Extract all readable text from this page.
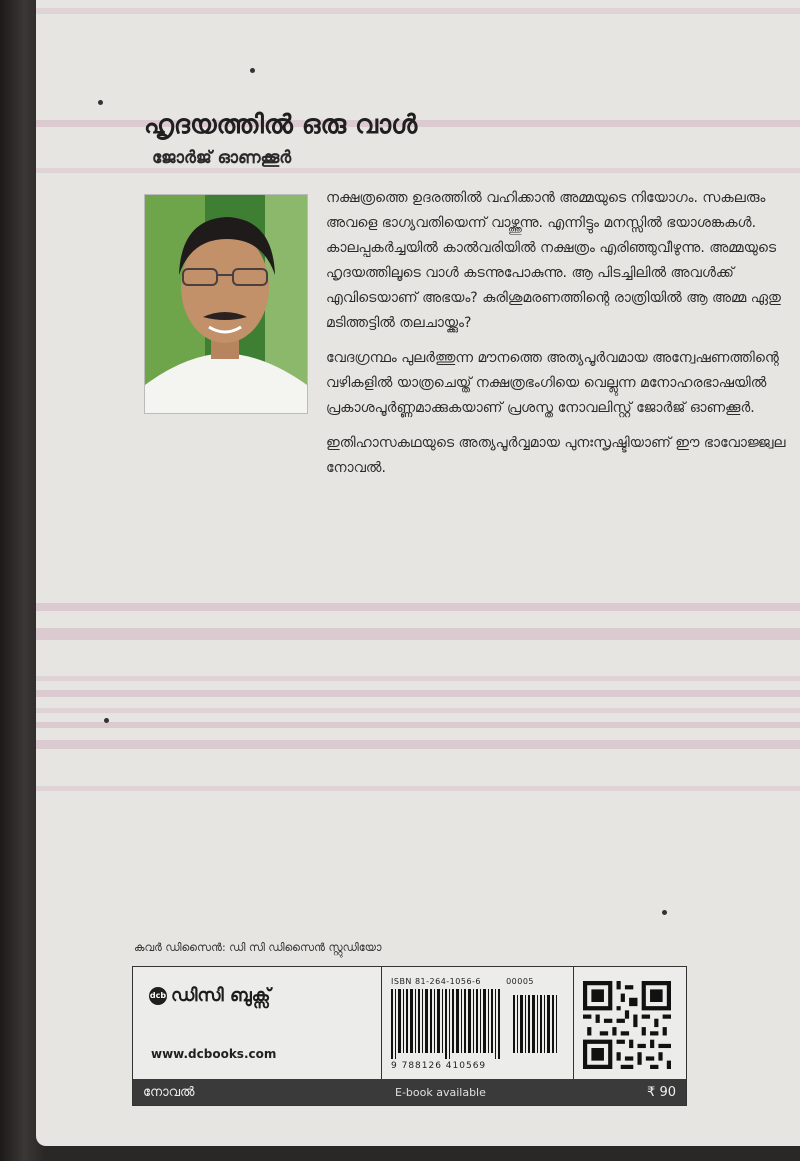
ഹൃദയത്തിൽ ഒരു വാൾ
ജോർജ് ഓണക്കൂർ

നക്ഷത്രത്തെ ഉദരത്തിൽ വഹിക്കാൻ അമ്മയുടെ നിയോഗം. സകലരും അവളെ ഭാഗ്യവതിയെന്ന് വാഴ്ത്തുന്നു. എന്നിട്ടും മനസ്സിൽ ഭയാശങ്കകൾ. കാലപ്പകർച്ചയിൽ കാൽവരിയിൽ നക്ഷത്രം എരിഞ്ഞുവീഴുന്നു. അമ്മയുടെ ഹൃദയത്തിലൂടെ വാൾ കടന്നുപോകുന്നു. ആ പിടച്ചിലിൽ അവൾക്ക് എവിടെയാണ് അഭയം? കുരിശുമരണത്തിന്റെ രാത്രിയിൽ ആ അമ്മ ഏതു മടിത്തട്ടിൽ തലചായ്ക്കും?

വേദഗ്രന്ഥം പുലർത്തുന്ന മൗനത്തെ അത്യപൂർവമായ അന്വേഷണത്തിന്റെ വഴികളിൽ യാത്രചെയ്ത് നക്ഷത്രഭംഗിയെ വെല്ലുന്ന മനോഹരഭാഷയിൽ പ്രകാശപൂർണ്ണമാക്കുകയാണ് പ്രശസ്ത നോവലിസ്റ്റ് ജോർജ് ഓണക്കൂർ.

ഇതിഹാസകഥയുടെ അത്യപൂർവ്വമായ പുനഃസൃഷ്ടിയാണ് ഈ ഭാവോജ്ജ്വല നോവൽ.

കവർ ഡിസൈൻ: ഡി സി ഡിസൈൻ സ്റ്റുഡിയോ
dcb ഡിസി ബുക്സ്
www.dcbooks.com
നോവൽ
ISBN 81-264-1056-6	00005
9 788126 410569
E-book available	₹ 90
